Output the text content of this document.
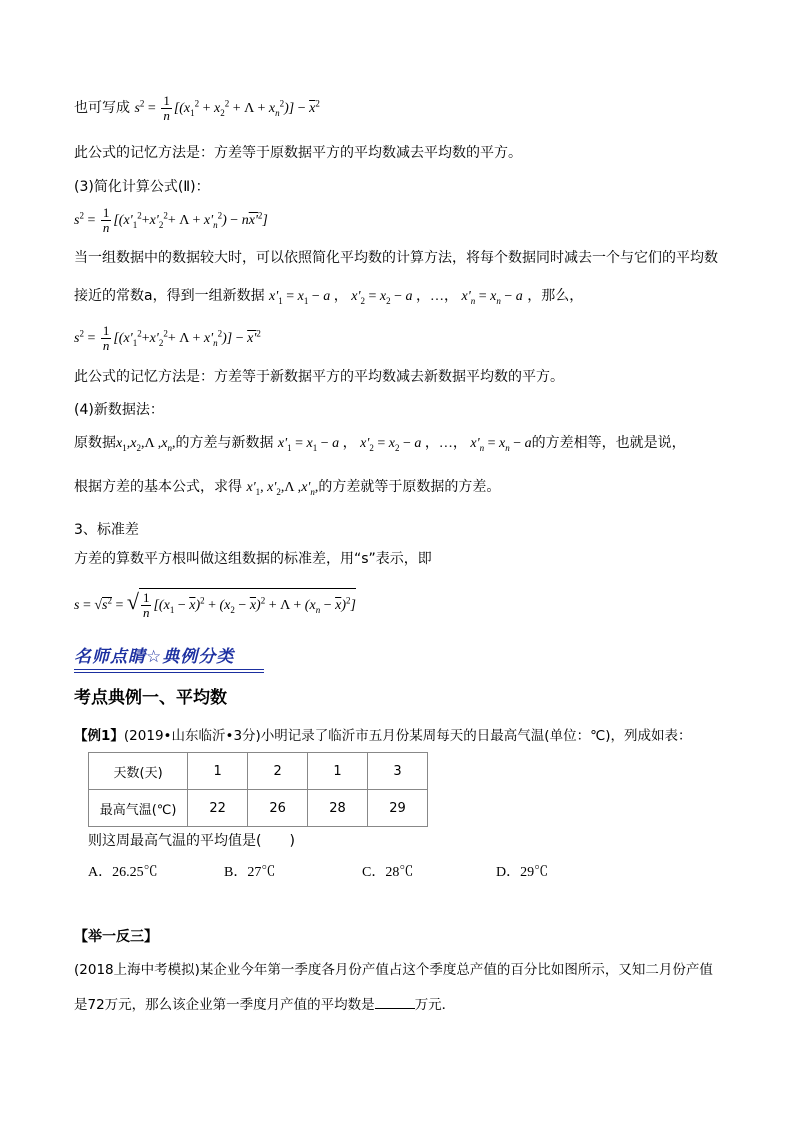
也可写成 $s^2 = \frac{1}{n} [(x_1^2 + x_2^2 + \Lambda + x_n^2)] - \overline{x}^2$
此公式的记忆方法是：方差等于原数据平方的平均数减去平均数的平方。
(3)简化计算公式(Ⅱ)：
$s^2 = \frac{1}{n} [(x'_1^2+x'_2^2+ \Lambda + x'_n^2) - nx'^2]$
当一组数据中的数据较大时，可以依照简化平均数的计算方法，将每个数据同时减去一个与它们的平均数
接近的常数a，得到一组新数据 $x'_1 = x_1 - a$ ， $x'_2 = x_2 - a$ ，…， $x'_n = x_n - a$ ，那么，
$s^2 = \frac{1}{n} [(x'_1^2+x'_2^2+ \Lambda + x'_n^2)] - x'^2$
此公式的记忆方法是：方差等于新数据平方的平均数减去新数据平均数的平方。
(4)新数据法：
原数据$x_1,x_2,\Lambda$ $,x_n$,的方差与新数据 $x'_1 = x_1 - a$ ， $x'_2 = x_2 - a$ ，…， $x'_n = x_n - a$的方差相等，也就是说，
根据方差的基本公式，求得 $x'_1$, $x'_2,\Lambda$ $,x'_n$,的方差就等于原数据的方差。
3、标准差
方差的算数平方根叫做这组数据的标准差，用“s”表示，即
$s = √s^2$ = √ $\frac{1}{n} [(x_1 - \overline{x})^2 + (x_2 - \overline{x})^2 + \Lambda + (x_n - \overline{x})^2]$
名师点睛☆典例分类
考点典例一、平均数
【例1】(2019•山东临沂•3分)小明记录了临沂市五月份某周每天的日最高气温(单位：℃)，列成如表：
天数(天)	1	2	1	3
最高气温(℃)	22	26	28	29
则这周最高气温的平均值是(　　)
A．26.25℃	B．27℃	C．28℃	D．29℃
【举一反三】
(2018上海中考模拟)某企业今年第一季度各月份产值占这个季度总产值的百分比如图所示，又知二月份产值
是72万元，那么该企业第一季度月产值的平均数是	万元．
